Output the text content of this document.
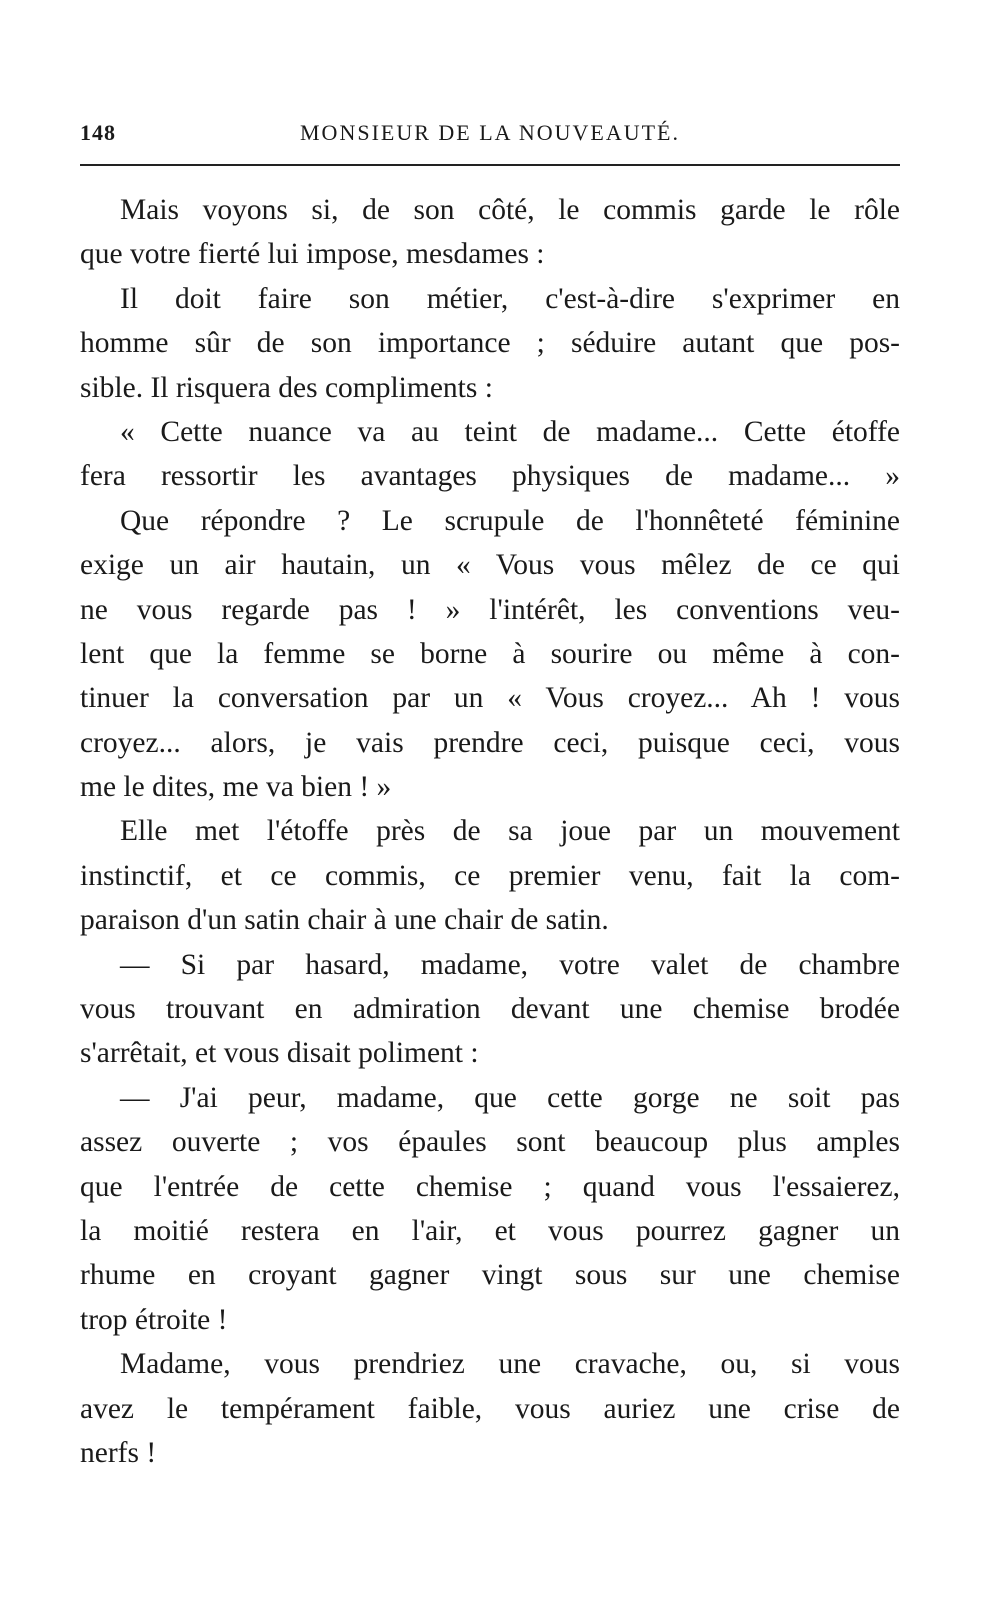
148	MONSIEUR DE LA NOUVEAUTÉ.
Mais voyons si, de son côté, le commis garde le rôle
que votre fierté lui impose, mesdames :
Il doit faire son métier, c'est-à-dire s'exprimer en
homme sûr de son importance ; séduire autant que pos-
sible. Il risquera des compliments :
« Cette nuance va au teint de madame... Cette étoffe
fera ressortir les avantages physiques de madame... »
Que répondre ? Le scrupule de l'honnêteté féminine
exige un air hautain, un « Vous vous mêlez de ce qui
ne vous regarde pas ! » l'intérêt, les conventions veu-
lent que la femme se borne à sourire ou même à con-
tinuer la conversation par un « Vous croyez... Ah ! vous
croyez... alors, je vais prendre ceci, puisque ceci, vous
me le dites, me va bien ! »
Elle met l'étoffe près de sa joue par un mouvement
instinctif, et ce commis, ce premier venu, fait la com-
paraison d'un satin chair à une chair de satin.
— Si par hasard, madame, votre valet de chambre
vous trouvant en admiration devant une chemise brodée
s'arrêtait, et vous disait poliment :
— J'ai peur, madame, que cette gorge ne soit pas
assez ouverte ; vos épaules sont beaucoup plus amples
que l'entrée de cette chemise ; quand vous l'essaierez,
la moitié restera en l'air, et vous pourrez gagner un
rhume en croyant gagner vingt sous sur une chemise
trop étroite !
Madame, vous prendriez une cravache, ou, si vous
avez le tempérament faible, vous auriez une crise de
nerfs !
